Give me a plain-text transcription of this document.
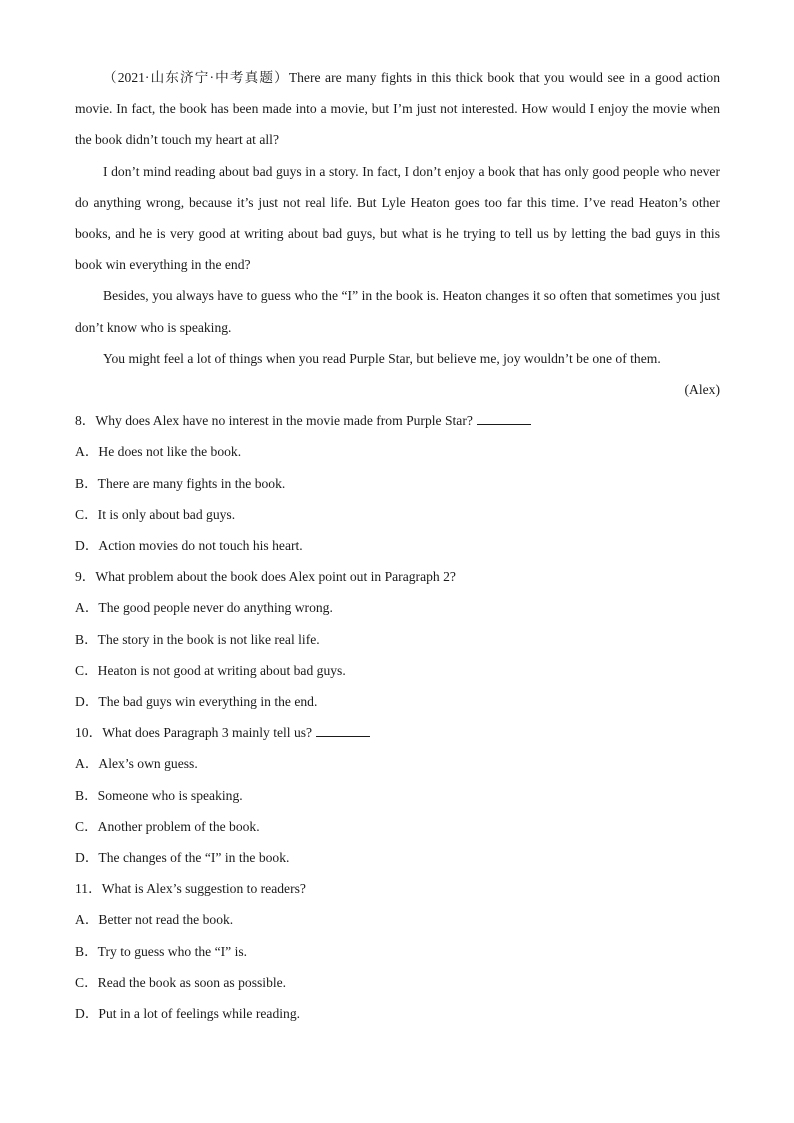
（2021·山东济宁·中考真题）There are many fights in this thick book that you would see in a good action movie. In fact, the book has been made into a movie, but I’m just not interested. How would I enjoy the movie when the book didn’t touch my heart at all?

I don’t mind reading about bad guys in a story. In fact, I don’t enjoy a book that has only good people who never do anything wrong, because it’s just not real life. But Lyle Heaton goes too far this time. I’ve read Heaton’s other books, and he is very good at writing about bad guys, but what is he trying to tell us by letting the bad guys in this book win everything in the end?

Besides, you always have to guess who the “I” in the book is. Heaton changes it so often that sometimes you just don’t know who is speaking.

You might feel a lot of things when you read Purple Star, but believe me, joy wouldn’t be one of them.

(Alex)

8．Why does Alex have no interest in the movie made from Purple Star?

A．He does not like the book.

B．There are many fights in the book.

C．It is only about bad guys.

D．Action movies do not touch his heart.

9．What problem about the book does Alex point out in Paragraph 2?

A．The good people never do anything wrong.

B．The story in the book is not like real life.

C．Heaton is not good at writing about bad guys.

D．The bad guys win everything in the end.

10．What does Paragraph 3 mainly tell us?

A．Alex’s own guess.

B．Someone who is speaking.

C．Another problem of the book.

D．The changes of the “I” in the book.

11．What is Alex’s suggestion to readers?

A．Better not read the book.

B．Try to guess who the “I” is.

C．Read the book as soon as possible.

D．Put in a lot of feelings while reading.
